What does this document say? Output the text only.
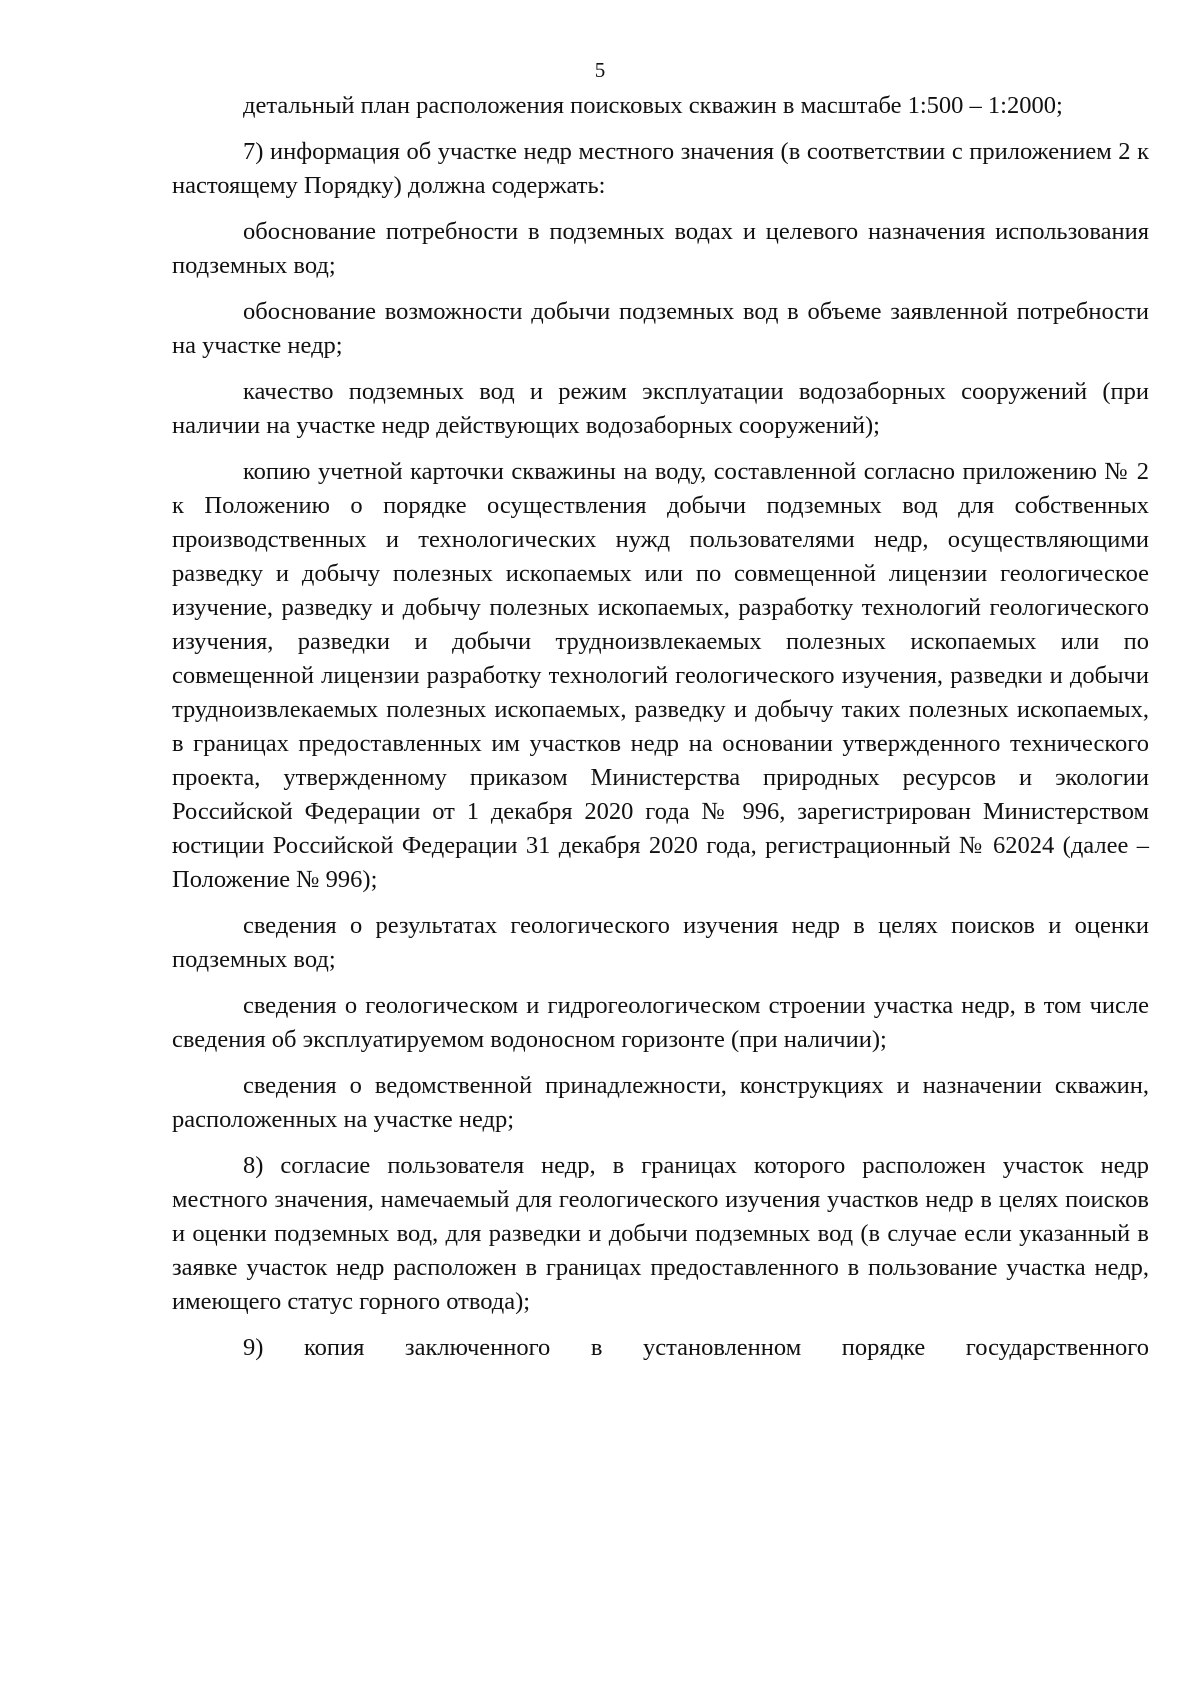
5

детальный план расположения поисковых скважин в масштабе 1:500 – 1:2000;

7) информация об участке недр местного значения (в соответствии с приложением 2 к настоящему Порядку) должна содержать:

обоснование потребности в подземных водах и целевого назначения использования подземных вод;

обоснование возможности добычи подземных вод в объеме заявленной потребности на участке недр;

качество подземных вод и режим эксплуатации водозаборных сооружений (при наличии на участке недр действующих водозаборных сооружений);

копию учетной карточки скважины на воду, составленной согласно приложению № 2 к Положению о порядке осуществления добычи подземных вод для собственных производственных и технологических нужд пользователями недр, осуществляющими разведку и добычу полезных ископаемых или по совмещенной лицензии геологическое изучение, разведку и добычу полезных ископаемых, разработку технологий геологического изучения, разведки и добычи трудноизвлекаемых полезных ископаемых или по совмещенной лицензии разработку технологий геологического изучения, разведки и добычи трудноизвлекаемых полезных ископаемых, разведку и добычу таких полезных ископаемых, в границах предоставленных им участков недр на основании утвержденного технического проекта, утвержденному приказом Министерства природных ресурсов и экологии Российской Федерации от 1 декабря 2020 года № 996, зарегистрирован Министерством юстиции Российской Федерации 31 декабря 2020 года, регистрационный № 62024 (далее – Положение № 996);

сведения о результатах геологического изучения недр в целях поисков и оценки подземных вод;

сведения о геологическом и гидрогеологическом строении участка недр, в том числе сведения об эксплуатируемом водоносном горизонте (при наличии);

сведения о ведомственной принадлежности, конструкциях и назначении скважин, расположенных на участке недр;

8) согласие пользователя недр, в границах которого расположен участок недр местного значения, намечаемый для геологического изучения участков недр в целях поисков и оценки подземных вод, для разведки и добычи подземных вод (в случае если указанный в заявке участок недр расположен в границах предоставленного в пользование участка недр, имеющего статус горного отвода);

9) копия заключенного в установленном порядке государственного
